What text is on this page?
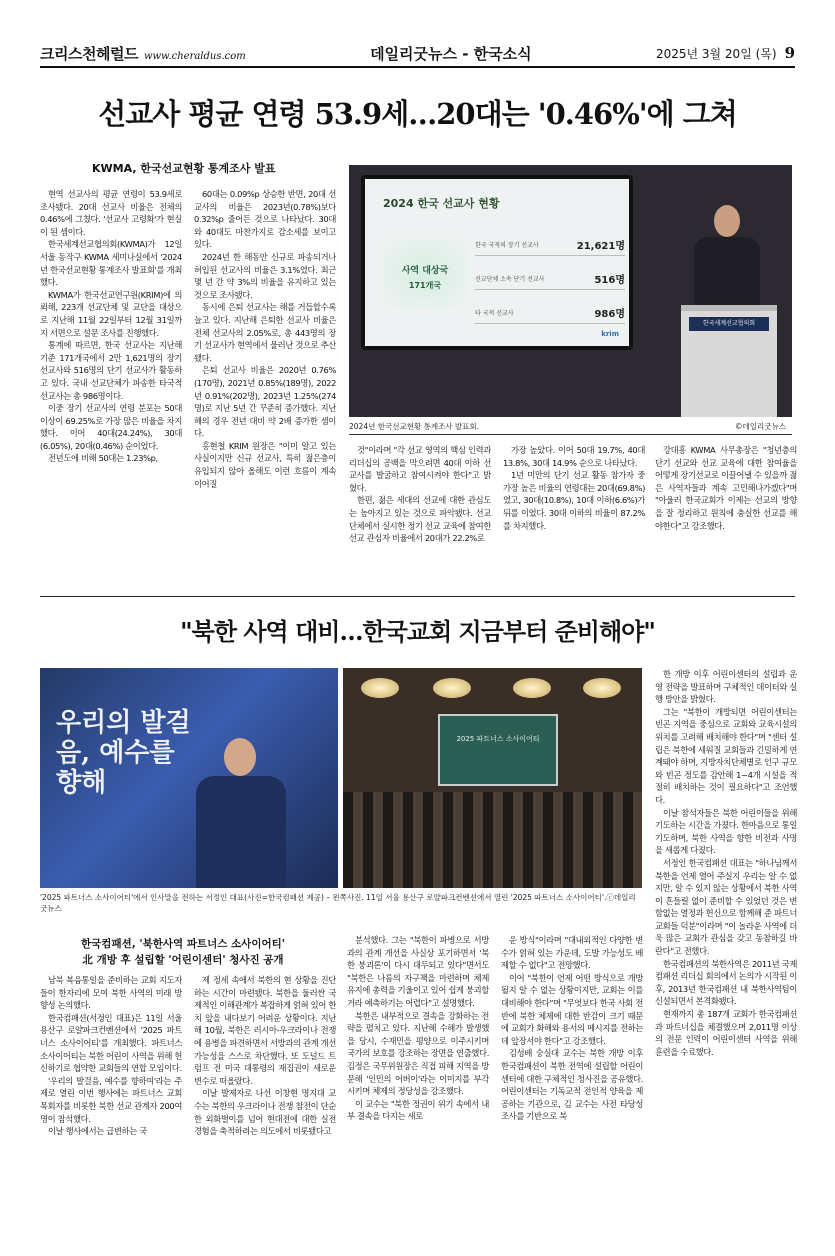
크리스천헤럴드 www.cheraldus.com	데일리굿뉴스 - 한국소식	2025년 3월 20일 (목) 9
선교사 평균 연령 53.9세…20대는 '0.46%'에 그쳐
KWMA, 한국선교현황 통계조사 발표

현역 선교사의 평균 연령이 53.9세로 조사됐다. 20대 선교사 비율은 전체의 0.46%에 그쳤다. '선교사 고령화'가 현실이 된 셈이다.

한국세계선교협의회(KWMA)가 12일 서울 동작구 KWMA 세미나실에서 '2024년 한국선교현황 통계조사 발표회'를 개최했다.

KWMA가 한국선교연구원(KRIM)에 의뢰해, 223개 선교단체 및 교단을 대상으로 지난해 11월 22일부터 12월 31일까지 서면으로 설문 조사를 진행했다.

통계에 따르면, 한국 선교사는 지난해 기준 171개국에서 2만 1,621명의 장기 선교사와 516명의 단기 선교사가 활동하고 있다. 국내 선교단체가 파송한 타국적 선교사는 총 986명이다.

이중 장기 선교사의 연령 분포는 50대 이상이 69.25%로 가장 많은 비율을 차지했다. 이어 40대(24.24%), 30대(6.05%), 20대(0.46%) 순이었다.

전년도에 비해 50대는 1.23%p,

60대는 0.09%p 상승한 반면, 20대 선교사의 비율은 2023년(0.78%)보다 0.32%p 줄어든 것으로 나타났다. 30대와 40대도 마찬가지로 감소세를 보이고 있다.

2024년 한 해동안 신규로 파송되거나 허입된 선교사의 비율은 3.1%였다. 최근 몇 년 간 약 3%의 비율을 유지하고 있는 것으로 조사됐다.

동시에 은퇴 선교사는 해를 거듭할수록 늘고 있다. 지난해 은퇴한 선교사 비율은 전체 선교사의 2.05%로, 총 443명의 장기 선교사가 현역에서 물러난 것으로 추산됐다.

은퇴 선교사 비율은 2020년 0.76%(170명), 2021년 0.85%(189명), 2022년 0.91%(202명), 2023년 1.25%(274명)로 지난 5년 간 꾸준히 증가했다. 지난해의 경우 전년 대비 약 2배 증가한 셈이다.

홍현철 KRIM 원장은 "이미 알고 있는 사실이지만 신규 선교사, 특히 젊은층이 유입되지 않아 올해도 이런 흐름이 계속 이어질

2024 한국 선교사 현황
사역 대상국
171개국
한국 국적의 장기 선교사	21,621명
선교단체 소속 단기 선교사	516명
타 국적 선교사	986명
krim
한국세계선교협의회
2024년 한국선교현황 통계조사 발표회.	©데일리굿뉴스

것"이라며 "각 선교 영역의 핵심 인력과 리더십의 공백을 막으려면 40대 이하 선교사를 발굴하고 참여시켜야 한다"고 밝혔다.

한편, 젊은 세대의 선교에 대한 관심도는 높아지고 있는 것으로 파악됐다. 선교단체에서 실시한 정기 선교 교육에 참여한 선교 관심자 비율에서 20대가 22.2%로

가장 높았다. 이어 50대 19.7%, 40대 13.8%, 30대 14.9% 순으로 나타났다.

1년 미만의 단기 선교 활동 참가자 중 가장 높은 비율의 연령대는 20대(69.8%)였고, 30대(10.8%), 10대 이하(6.6%)가 뒤를 이었다. 30대 이하의 비율이 87.2%를 차지했다.

강대흥 KWMA 사무총장은 "청년층의 단기 선교와 선교 교육에 대한 참여율을 어떻게 장기선교로 이끌어낼 수 있을까 젊은 사역자들과 계속 고민해나가겠다"며 "아울러 한국교회가 이제는 선교의 방향을 잘 정리하고 원칙에 충실한 선교를 해야한다"고 강조했다.

"북한 사역 대비…한국교회 지금부터 준비해야"
우리의 발걸음, 예수를 향해
2025 파트너스 소사이어티
'2025 파트너스 소사이어티'에서 인사말을 전하는 서정인 대표(사진=한국컴패션 제공) – 왼쪽사진. 11일 서울 용산구 로얄파크컨벤션에서 열린 '2025 파트너스 소사이어티'.ⓒ데일리굿뉴스
한국컴패션, '북한사역 파트너스 소사이어티'
北 개방 후 설립할 '어린이센터' 청사진 공개

남북 복음통일을 준비하는 교회 지도자들이 한자리에 모여 북한 사역의 미래 방향성 논의했다.

한국컴패션(서정인 대표)은 11일 서울 용산구 로얄파크컨벤션에서 '2025 파트너스 소사이어티'를 개최했다. 파트너스 소사이어티는 북한 어린이 사역을 위해 헌신하기로 협약한 교회들의 연합 모임이다.

'우리의 발걸음, 예수를 향하여'라는 주제로 열린 이번 행사에는 파트너스 교회 목회자를 비롯한 북한 선교 관계자 200여 명이 참석했다.

이날 행사에서는 급변하는 국

제 정세 속에서 북한의 현 상황을 진단하는 시간이 마련됐다. 북한을 둘러싼 국제적인 이해관계가 복잡하게 얽혀 있어 한 치 앞을 내다보기 어려운 상황이다. 지난해 10월, 북한은 러시아-우크라이나 전쟁에 용병을 파견하면서 서방과의 관계 개선 가능성을 스스로 차단했다. 또 도널드 트럼프 전 미국 대통령의 재집권이 새로운 변수로 떠올랐다.

이날 발제자로 나선 이창현 명지대 교수는 북한의 우크라이나 전쟁 참전이 단순한 외화벌이를 넘어 현대전에 대한 실전 경험을 축적하려는 의도에서 비롯됐다고

분석했다. 그는 "북한이 파병으로 서방과의 관계 개선을 사실상 포기하면서 '북한 붕괴론'이 다시 대두되고 있다"면서도 "북한은 나름의 자구책을 마련하며 체제 유지에 총력을 기울이고 있어 쉽게 붕괴할거라 예측하기는 어렵다"고 설명했다.

북한은 내부적으로 결속을 강화하는 전략을 펼치고 있다. 지난해 수해가 발생했을 당시, 수재민을 평양으로 이주시키며 국가의 보호를 강조하는 장면을 연출했다. 김정은 국무위원장은 직접 피해 지역을 방문해 '인민의 어버이'라는 이미지를 부각시키며 체제의 정당성을 강조했다.

이 교수는 "북한 정권이 위기 속에서 내부 결속을 다지는 새로

운 방식"이라며 "대내외적인 다양한 변수가 얽혀 있는 가운데, 도발 가능성도 배제할 수 없다"고 전망했다.

이어 "북한이 언제 어떤 방식으로 개방될지 알 수 없는 상황이지만, 교회는 이를 대비해야 한다"며 "무엇보다 한국 사회 전반에 북한 체제에 대한 반감이 크기 때문에 교회가 화해와 용서의 메시지를 전하는 데 앞장서야 한다"고 강조했다.

김성배 숭실대 교수는 북한 개방 이후 한국컴패션이 북한 전역에 설립할 어린이센터에 대한 구체적인 청사진을 공유했다. 어린이센터는 기독교적 전인적 양육을 제공하는 기관으로, 김 교수는 사전 타당성 조사를 기반으로 북

한 개방 이후 어린이센터의 설립과 운영 전략을 발표하며 구체적인 데이터와 실행 방안을 밝혔다.

그는 "북한이 개방되면 어린이센터는 빈곤 지역을 중심으로 교회와 교육시설의 위치를 고려해 배치해야 한다"며 "센터 설립은 북한에 세워질 교회들과 긴밀하게 연계돼야 하며, 지방자치단체별로 인구 규모와 빈곤 정도를 감안해 1~4개 시설을 적절히 배치하는 것이 필요하다"고 조언했다.

이날 참석자들은 북한 어린이들을 위해 기도하는 시간을 가졌다. 한마음으로 통일 기도하며, 북한 사역을 향한 비전과 사명을 새롭게 다졌다.

서정인 한국컴패션 대표는 "하나님께서 북한을 언제 열어 주실지 우리는 알 수 없지만, 알 수 있지 않는 상황에서 북한 사역이 흔들릴 없이 준비할 수 있었던 것은 변함없는 열정과 헌신으로 함께해 준 파트너 교회들 덕분"이라며 "이 놀라운 사역에 더욱 많은 교회가 관심을 갖고 동참하길 바란다"고 전했다.

한국컴패션의 북한사역은 2011년 국제컴패션 리더십 회의에서 논의가 시작된 이후, 2013년 한국컴패션 내 북한사역팀이 신설되면서 본격화됐다.

현재까지 총 187개 교회가 한국컴패션과 파트너십을 체결했으며 2,011명 이상의 전문 인력이 어린이센터 사역을 위해 훈련을 수료했다.
